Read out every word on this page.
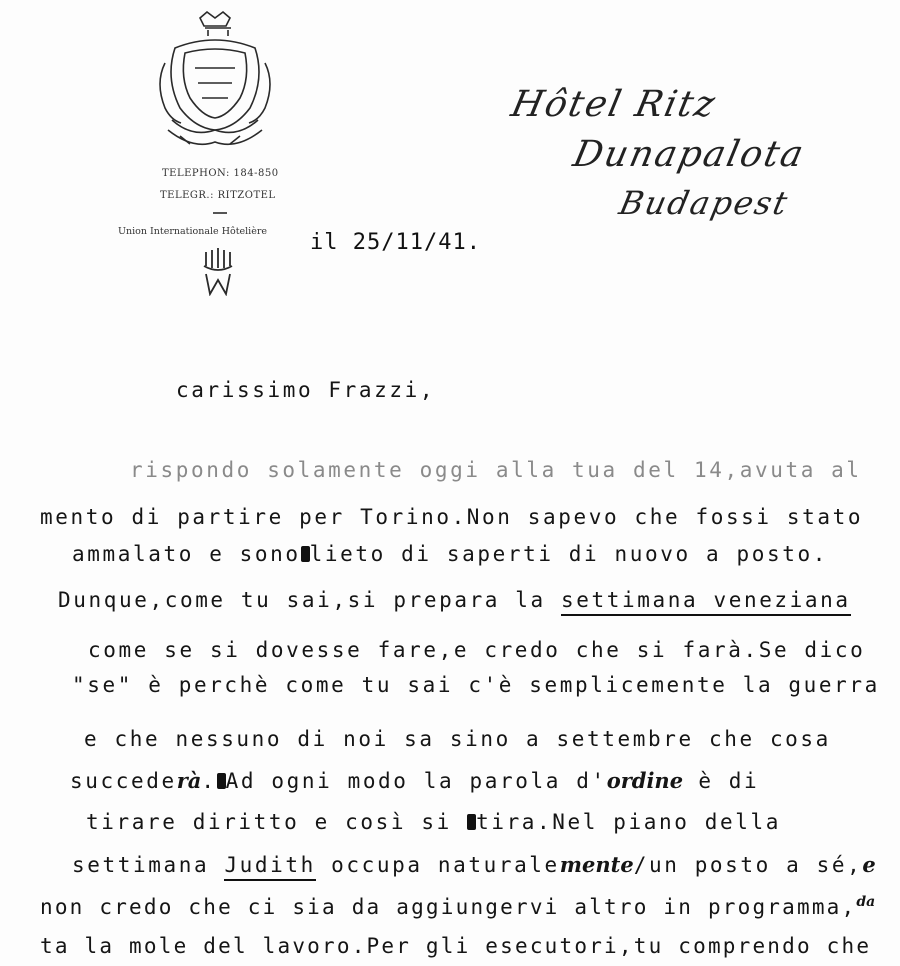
TELEPHON: 184-850
TELEGR.: RITZOTEL
Union Internationale Hôtelière
Hôtel Ritz
Dunapalota
Budapest
il 25/11/41.
carissimo Frazzi,
rispondo solamente oggi alla tua del 14,avuta al
mento di partire per Torino.Non sapevo che fossi stato
ammalato e sono lieto di saperti di nuovo a posto.
Dunque,come tu sai,si prepara la settimana veneziana
come se si dovesse fare,e credo che si farà.Se dico
"se" è perchè come tu sai c'è semplicemente la guerra
e che nessuno di noi sa sino a settembre che cosa
succederà. Ad ogni modo la parola d'ordine è di
tirare diritto e così si tira.Nel piano della
settimana Judith occupa naturalemente/un posto a sé,e
non credo che ci sia da aggiungervi altro in programma,$^{da}$
ta la mole del lavoro.Per gli esecutori,tu comprendo che
